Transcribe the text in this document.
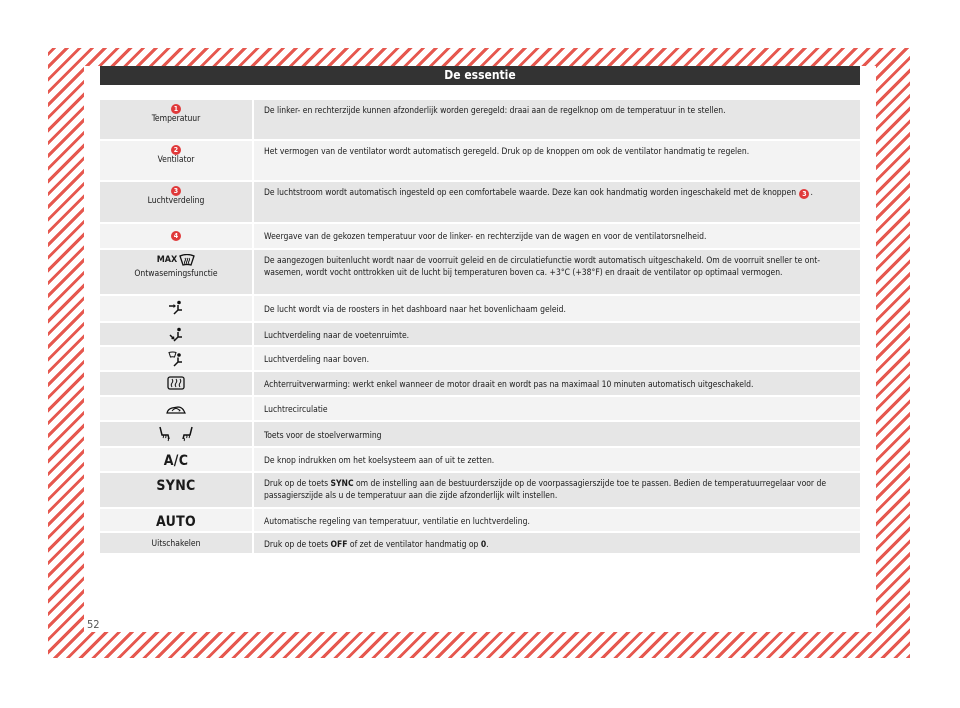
De essentie
1
Temperatuur	De linker- en rechterzijde kunnen afzonderlijk worden geregeld: draai aan de regelknop om de temperatuur in te stellen.
2
Ventilator	Het vermogen van de ventilator wordt automatisch geregeld. Druk op de knoppen om ook de ventilator handmatig te regelen.
3
Luchtverdeling	De luchtstroom wordt automatisch ingesteld op een comfortabele waarde. Deze kan ook handmatig worden ingeschakeld met de knoppen 3 .
4	Weergave van de gekozen temperatuur voor de linker- en rechterzijde van de wagen en voor de ventilatorsnelheid.

MAX
Ontwasemingsfunctie	De aangezogen buitenlucht wordt naar de voorruit geleid en de circulatiefunctie wordt automatisch uitgeschakeld. Om de voorruit sneller te ont-wasemen, wordt vocht onttrokken uit de lucht bij temperaturen boven ca. +3°C (+38°F) en draait de ventilator op optimaal vermogen.

	De lucht wordt via de roosters in het dashboard naar het bovenlichaam geleid.

	Luchtverdeling naar de voetenruimte.

	Luchtverdeling naar boven.

	Achterruitverwarming: werkt enkel wanneer de motor draait en wordt pas na maximaal 10 minuten automatisch uitgeschakeld.

	Luchtrecirculatie

	Toets voor de stoelverwarming
A/C	De knop indrukken om het koelsysteem aan of uit te zetten.
SYNC	Druk op de toets SYNC om de instelling aan de bestuurderszijde op de voorpassagierszijde toe te passen. Bedien de temperatuurregelaar voor de passagierszijde als u de temperatuur aan die zijde afzonderlijk wilt instellen.
AUTO	Automatische regeling van temperatuur, ventilatie en luchtverdeling.

Uitschakelen	Druk op de toets OFF of zet de ventilator handmatig op 0.
52
